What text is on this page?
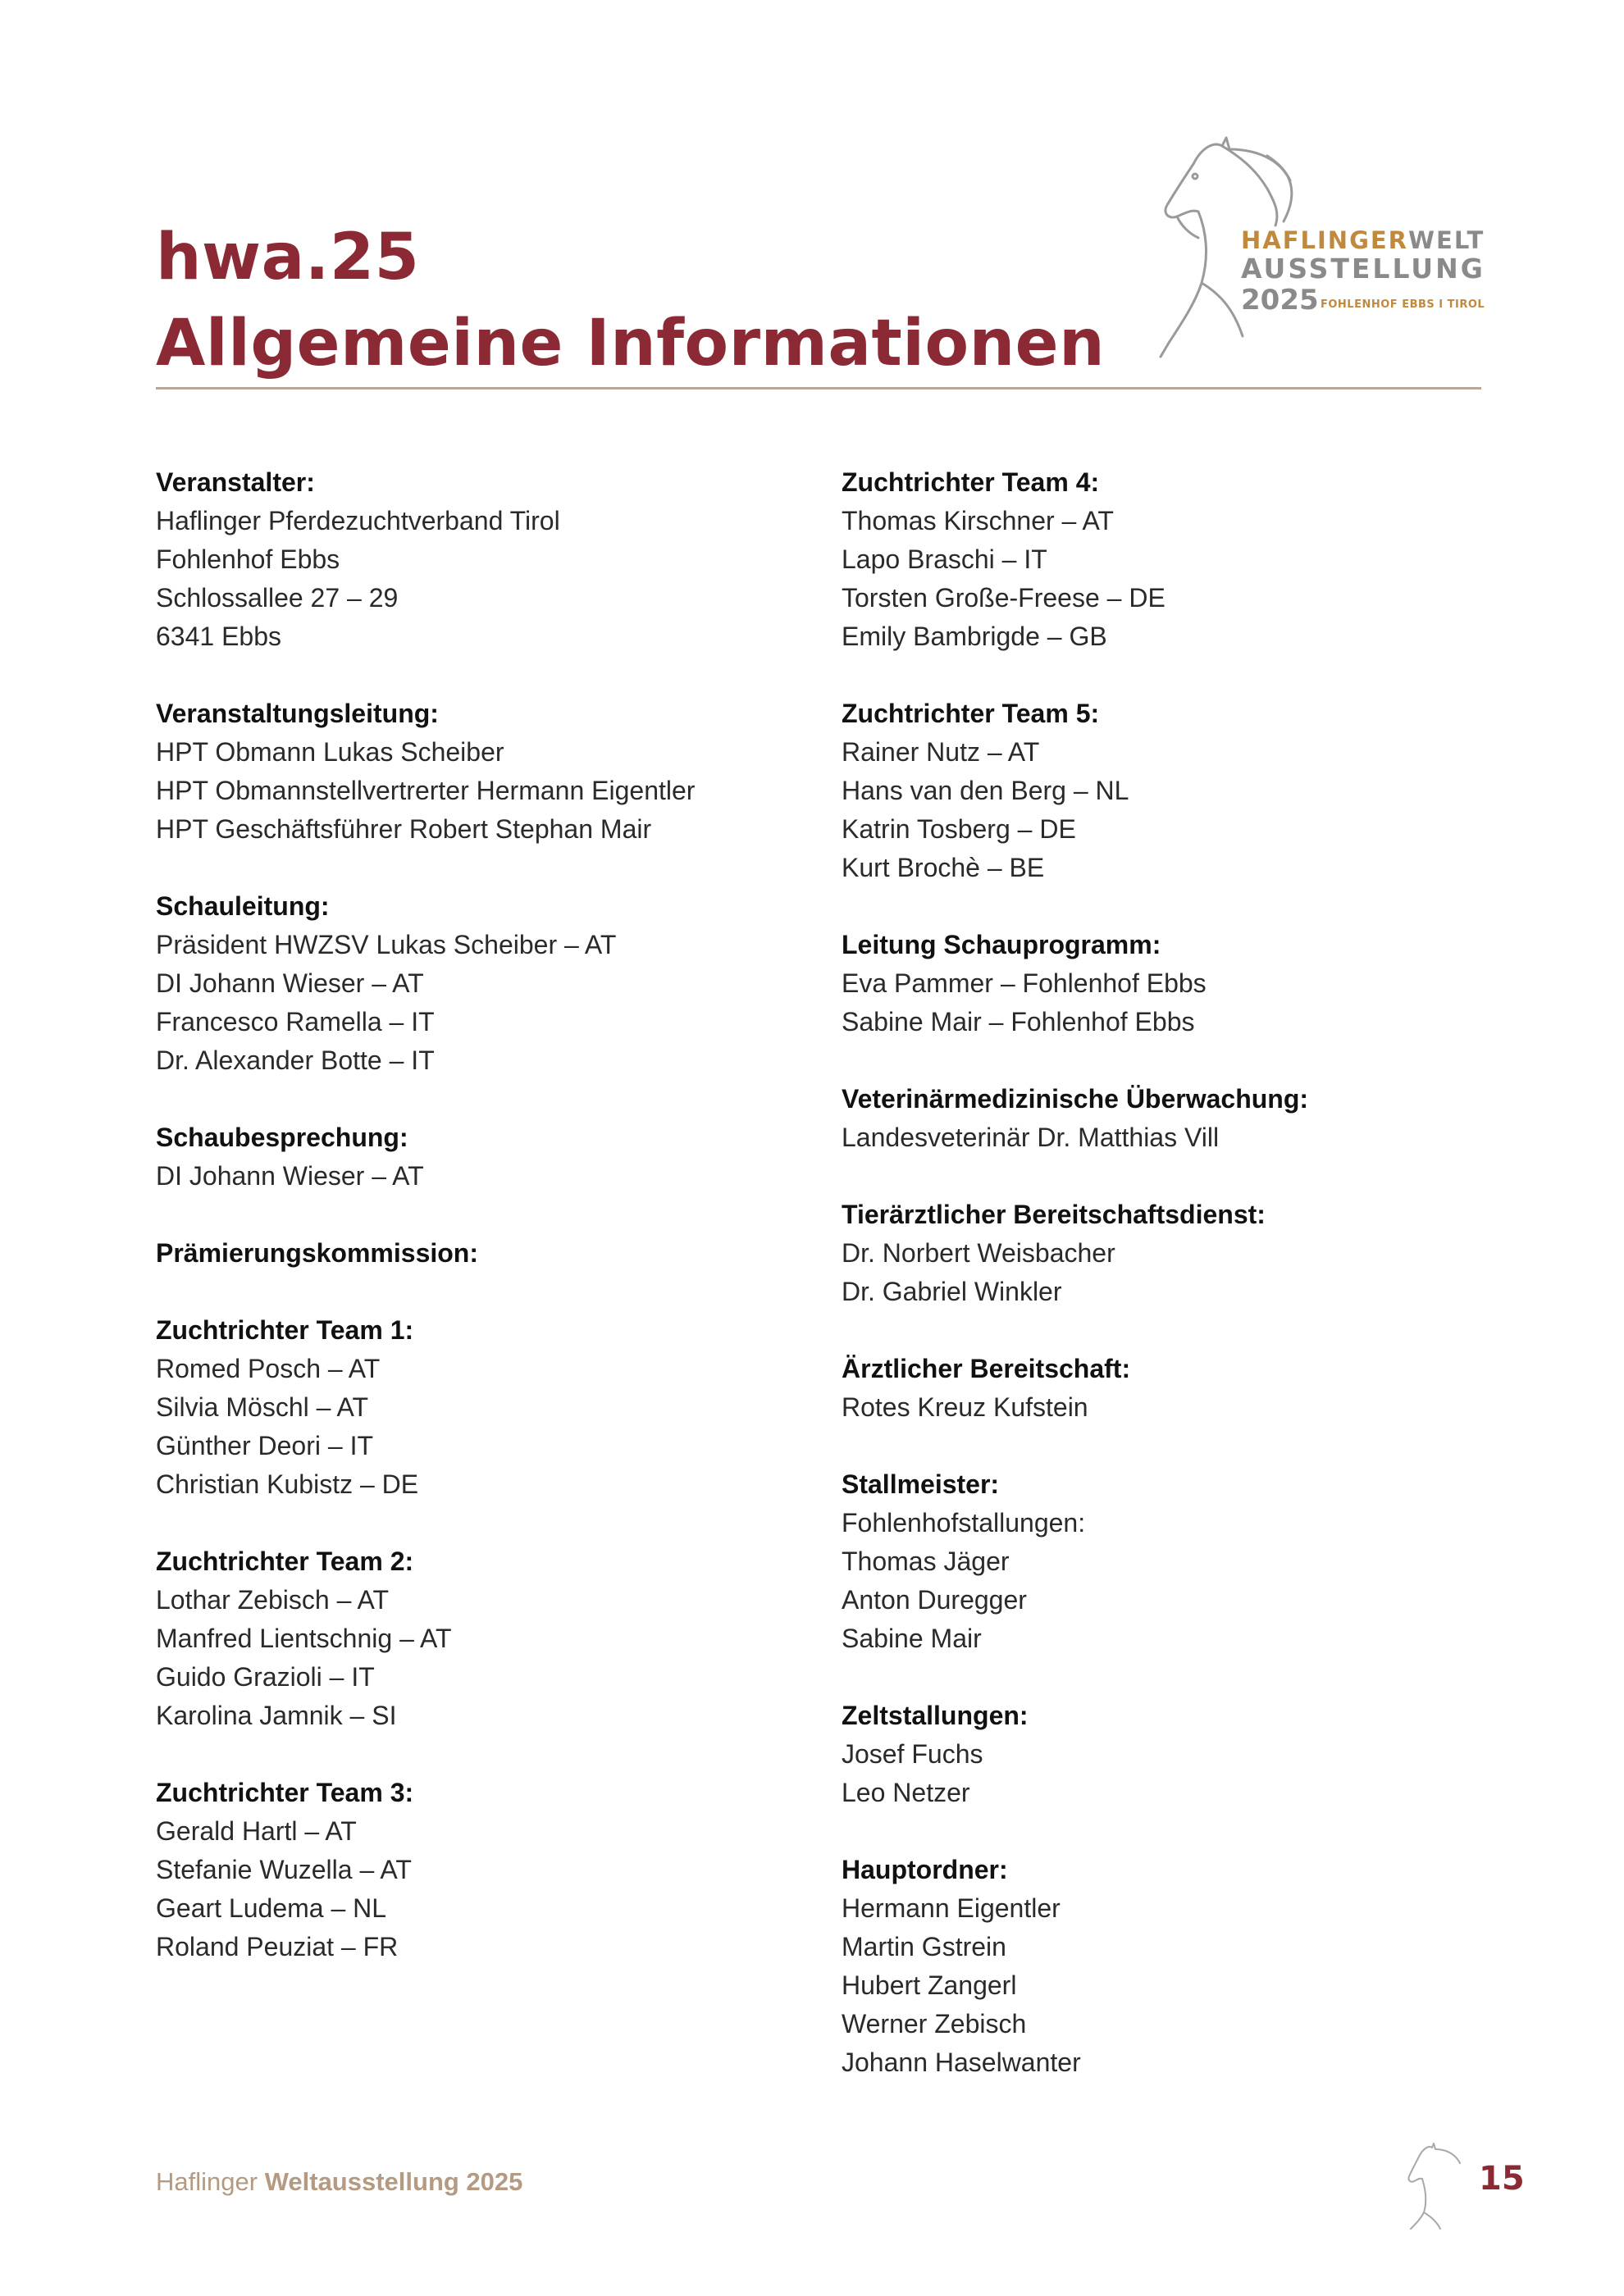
hwa.25
Allgemeine Informationen
HAFLINGERWELT
AUSSTELLUNG
2025 FOHLENHOF EBBS I TIROL
Veranstalter:
Haflinger Pferdezuchtverband Tirol
Fohlenhof Ebbs
Schlossallee 27 – 29
6341 Ebbs
Veranstaltungsleitung:
HPT Obmann Lukas Scheiber
HPT Obmannstellvertrerter Hermann Eigentler
HPT Geschäftsführer Robert Stephan Mair
Schauleitung:
Präsident HWZSV Lukas Scheiber – AT
DI Johann Wieser – AT
Francesco Ramella – IT
Dr. Alexander Botte – IT
Schaubesprechung:
DI Johann Wieser – AT
Prämierungskommission:
Zuchtrichter Team 1:
Romed Posch – AT
Silvia Möschl – AT
Günther Deori – IT
Christian Kubistz – DE
Zuchtrichter Team 2:
Lothar Zebisch – AT
Manfred Lientschnig – AT
Guido Grazioli – IT
Karolina Jamnik – SI
Zuchtrichter Team 3:
Gerald Hartl – AT
Stefanie Wuzella – AT
Geart Ludema – NL
Roland Peuziat – FR
Zuchtrichter Team 4:
Thomas Kirschner – AT
Lapo Braschi – IT
Torsten Große-Freese – DE
Emily Bambrigde – GB
Zuchtrichter Team 5:
Rainer Nutz – AT
Hans van den Berg – NL
Katrin Tosberg – DE
Kurt Brochè – BE
Leitung Schauprogramm:
Eva Pammer – Fohlenhof Ebbs
Sabine Mair – Fohlenhof Ebbs
Veterinärmedizinische Überwachung:
Landesveterinär Dr. Matthias Vill
Tierärztlicher Bereitschaftsdienst:
Dr. Norbert Weisbacher
Dr. Gabriel Winkler
Ärztlicher Bereitschaft:
Rotes Kreuz Kufstein
Stallmeister:
Fohlenhofstallungen:
Thomas Jäger
Anton Duregger
Sabine Mair
Zeltstallungen:
Josef Fuchs
Leo Netzer
Hauptordner:
Hermann Eigentler
Martin Gstrein
Hubert Zangerl
Werner Zebisch
Johann Haselwanter
Haflinger Weltausstellung 2025	15
